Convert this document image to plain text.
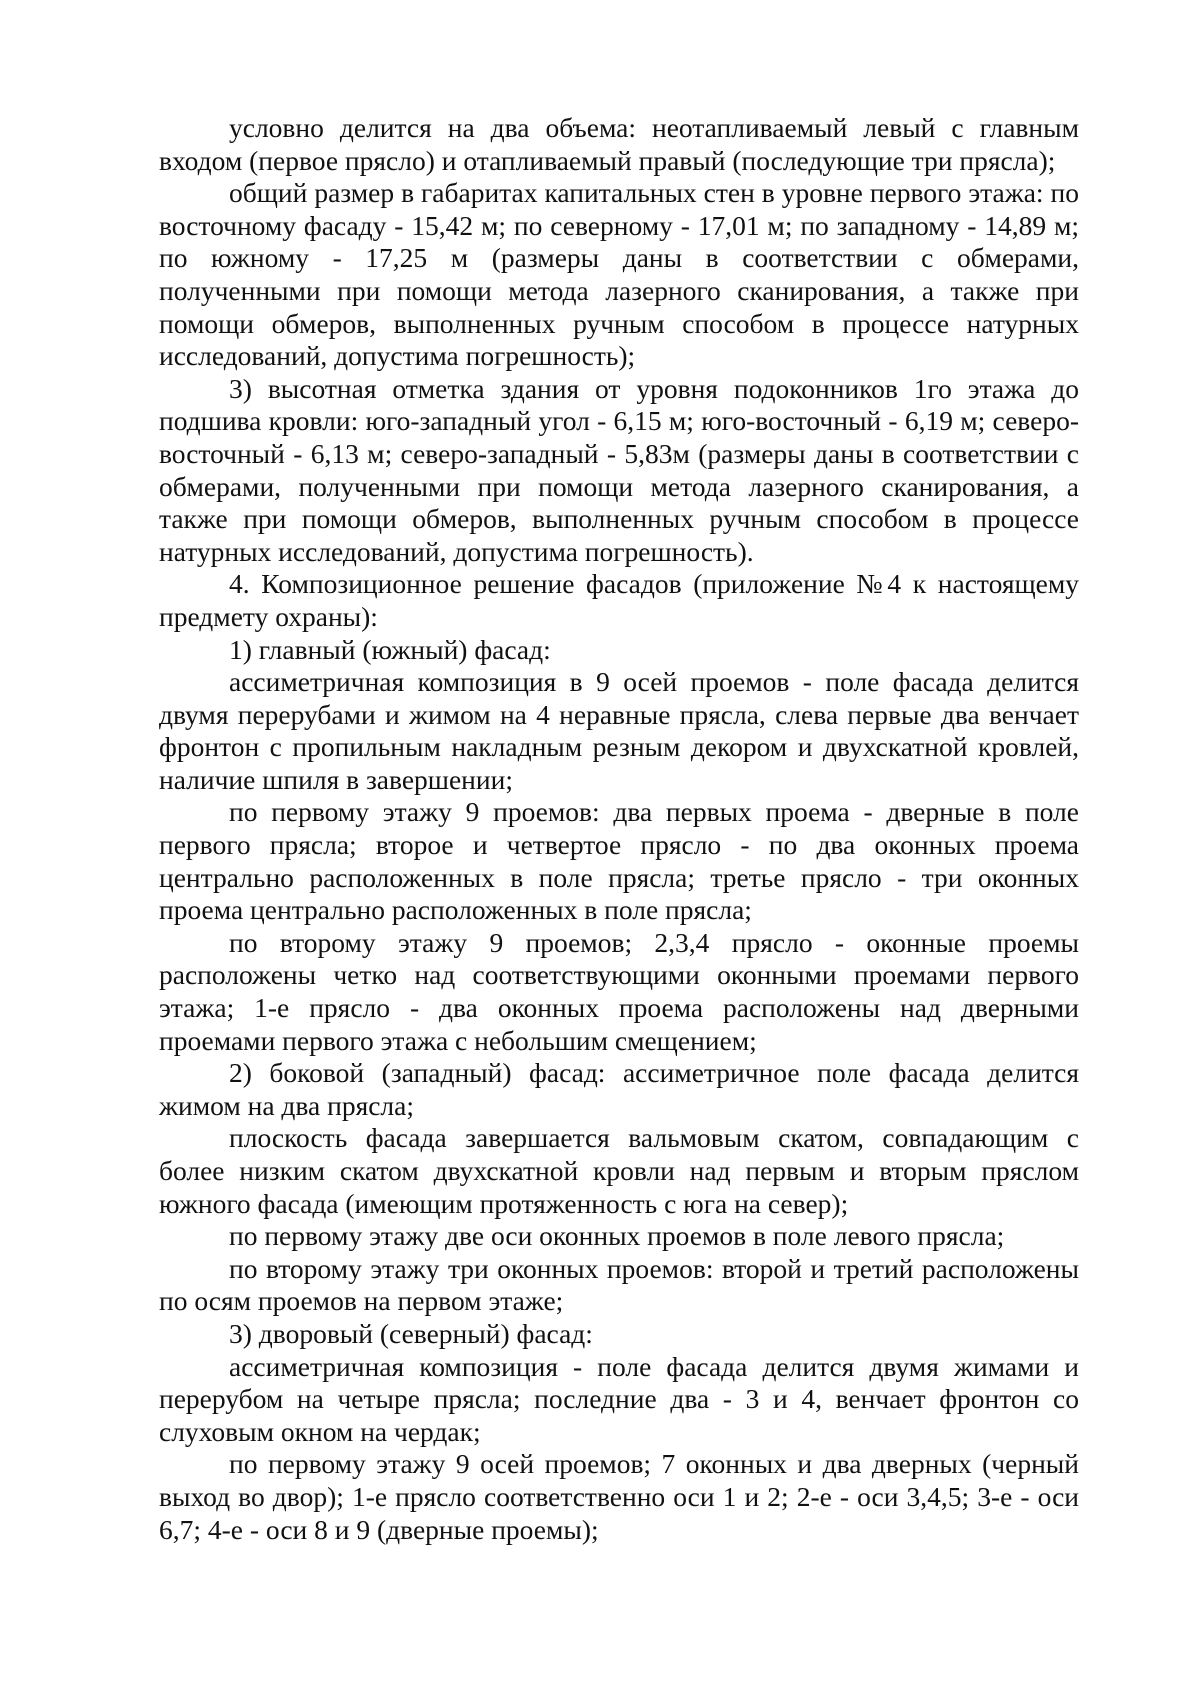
условно делится на два объема: неотапливаемый левый с главным входом (первое прясло) и отапливаемый правый (последующие три прясла);

общий размер в габаритах капитальных стен в уровне первого этажа: по восточному фасаду - 15,42 м; по северному - 17,01 м; по западному - 14,89 м; по южному - 17,25 м (размеры даны в соответствии с обмерами, полученными при помощи метода лазерного сканирования, а также при помощи обмеров, выполненных ручным способом в процессе натурных исследований, допустима погрешность);

3) высотная отметка здания от уровня подоконников 1го этажа до подшива кровли: юго-западный угол - 6,15 м; юго-восточный - 6,19 м; северо-восточный - 6,13 м; северо-западный - 5,83м (размеры даны в соответствии с обмерами, полученными при помощи метода лазерного сканирования, а также при помощи обмеров, выполненных ручным способом в процессе натурных исследований, допустима погрешность).

4. Композиционное решение фасадов (приложение №4 к настоящему предмету охраны):

1) главный (южный) фасад:

ассиметричная композиция в 9 осей проемов - поле фасада делится двумя перерубами и жимом на 4 неравные прясла, слева первые два венчает фронтон с пропильным накладным резным декором и двухскатной кровлей, наличие шпиля в завершении;

по первому этажу 9 проемов: два первых проема - дверные в поле первого прясла; второе и четвертое прясло - по два оконных проема центрально расположенных в поле прясла; третье прясло - три оконных проема центрально расположенных в поле прясла;

по второму этажу 9 проемов; 2,3,4 прясло - оконные проемы расположены четко над соответствующими оконными проемами первого этажа; 1-е прясло - два оконных проема расположены над дверными проемами первого этажа с небольшим смещением;

2) боковой (западный) фасад: ассиметричное поле фасада делится жимом на два прясла;

плоскость фасада завершается вальмовым скатом, совпадающим с более низким скатом двухскатной кровли над первым и вторым пряслом южного фасада (имеющим протяженность с юга на север);

по первому этажу две оси оконных проемов в поле левого прясла;

по второму этажу три оконных проемов: второй и третий расположены по осям проемов на первом этаже;

3) дворовый (северный) фасад:

ассиметричная композиция - поле фасада делится двумя жимами и перерубом на четыре прясла; последние два - 3 и 4, венчает фронтон со слуховым окном на чердак;

по первому этажу 9 осей проемов; 7 оконных и два дверных (черный выход во двор); 1-е прясло соответственно оси 1 и 2; 2-е - оси 3,4,5; 3-е - оси 6,7; 4-е - оси 8 и 9 (дверные проемы);
